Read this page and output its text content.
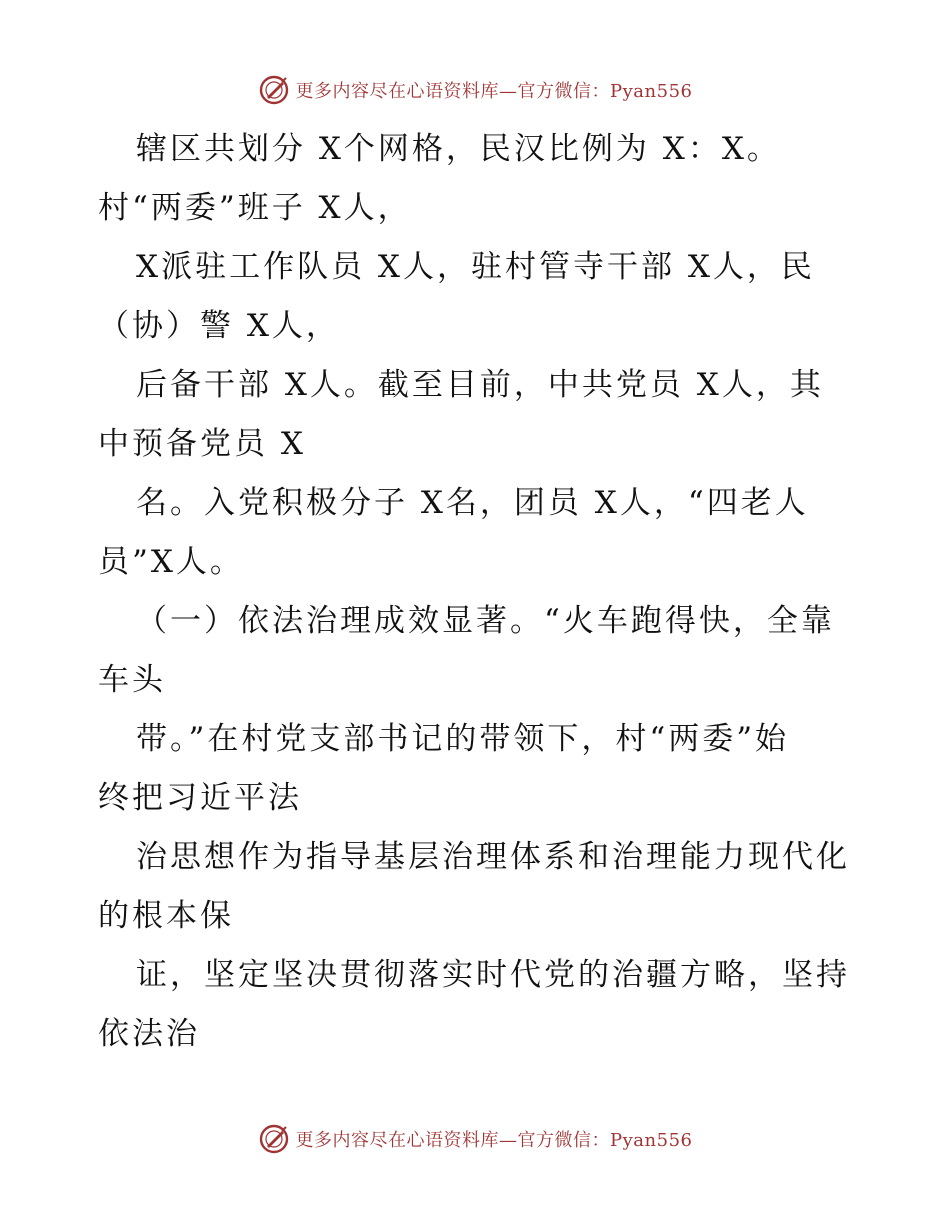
更多内容尽在心语资料库—官方微信：Pyan556
辖区共划分 X个网格，民汉比例为 X：X。
村“两委”班子 X人，
X派驻工作队员 X人，驻村管寺干部 X人，民
（协）警 X人，
后备干部 X人。截至目前，中共党员 X人，其
中预备党员 X
名。入党积极分子 X名，团员 X人，“四老人
员”X人。
（一）依法治理成效显著。“火车跑得快，全靠
车头
带。”在村党支部书记的带领下，村“两委”始
终把习近平法
治思想作为指导基层治理体系和治理能力现代化
的根本保
证，坚定坚决贯彻落实时代党的治疆方略，坚持
依法治
更多内容尽在心语资料库—官方微信：Pyan556
